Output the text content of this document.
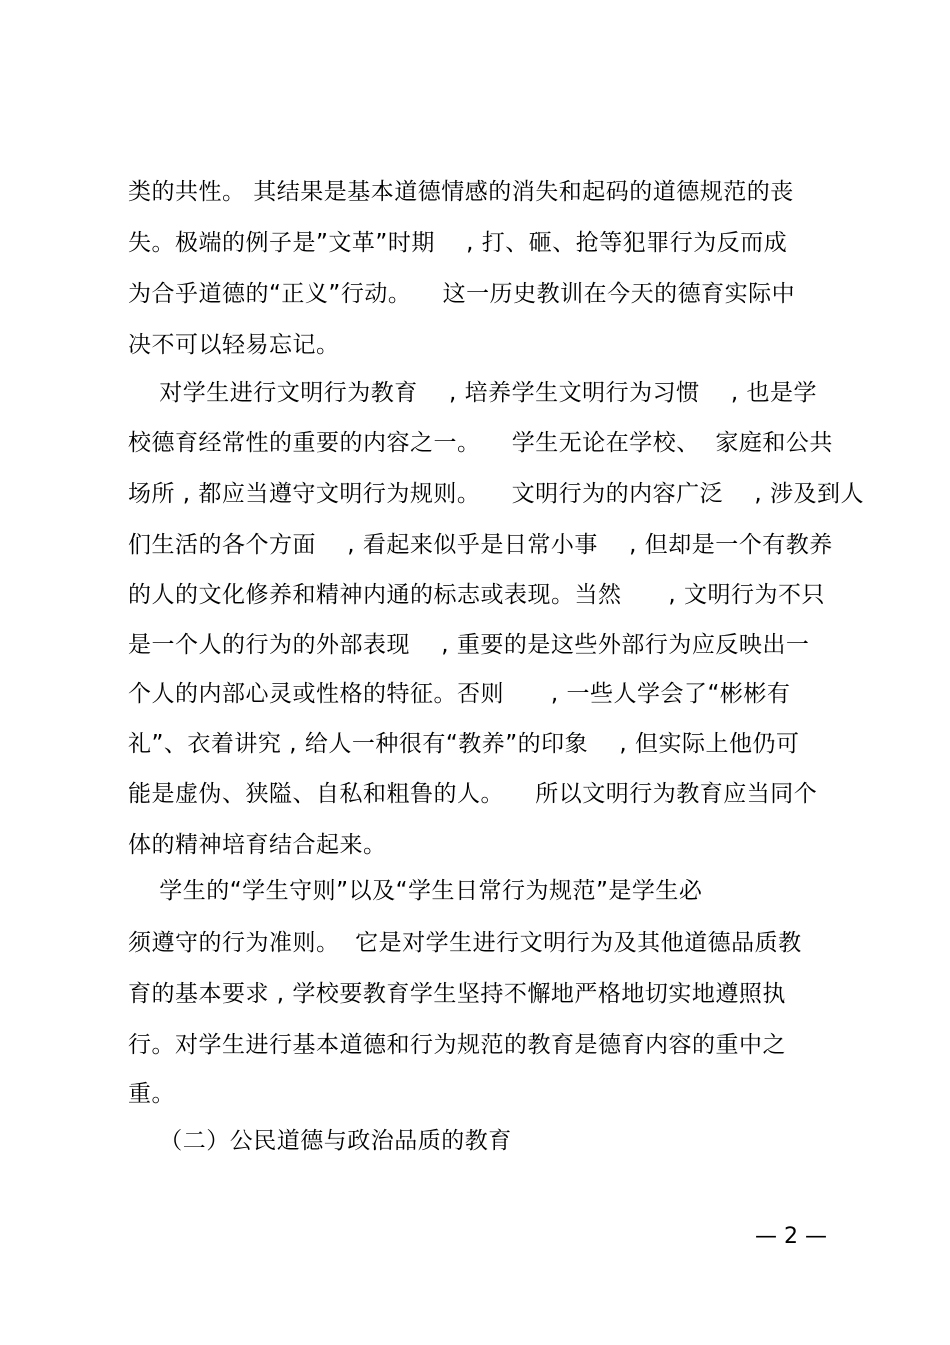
类的共性。 其结果是基本道德情感的消失和起码的道德规范的丧
失。极端的例子是”文革”时期    , 打、砸、抢等犯罪行为反而成
为合乎道德的“正义”行动。    这一历史教训在今天的德育实际中
决不可以轻易忘记。
对学生进行文明行为教育    , 培养学生文明行为习惯    , 也是学
校德育经常性的重要的内容之一。    学生无论在学校、  家庭和公共
场所 , 都应当遵守文明行为规则。    文明行为的内容广泛    , 涉及到人
们生活的各个方面    , 看起来似乎是日常小事    , 但却是一个有教养
的人的文化修养和精神内通的标志或表现。当然      , 文明行为不只
是一个人的行为的外部表现    , 重要的是这些外部行为应反映出一
个人的内部心灵或性格的特征。否则      , 一些人学会了“彬彬有
礼”、衣着讲究 , 给人一种很有“教养”的印象    , 但实际上他仍可
能是虚伪、狭隘、自私和粗鲁的人。    所以文明行为教育应当同个
体的精神培育结合起来。
学生的“学生守则”以及“学生日常行为规范”是学生必
须遵守的行为准则。  它是对学生进行文明行为及其他道德品质教
育的基本要求 , 学校要教育学生坚持不懈地严格地切实地遵照执
行。对学生进行基本道德和行为规范的教育是德育内容的重中之
重。
（二）公民道德与政治品质的教育
— 2 —
